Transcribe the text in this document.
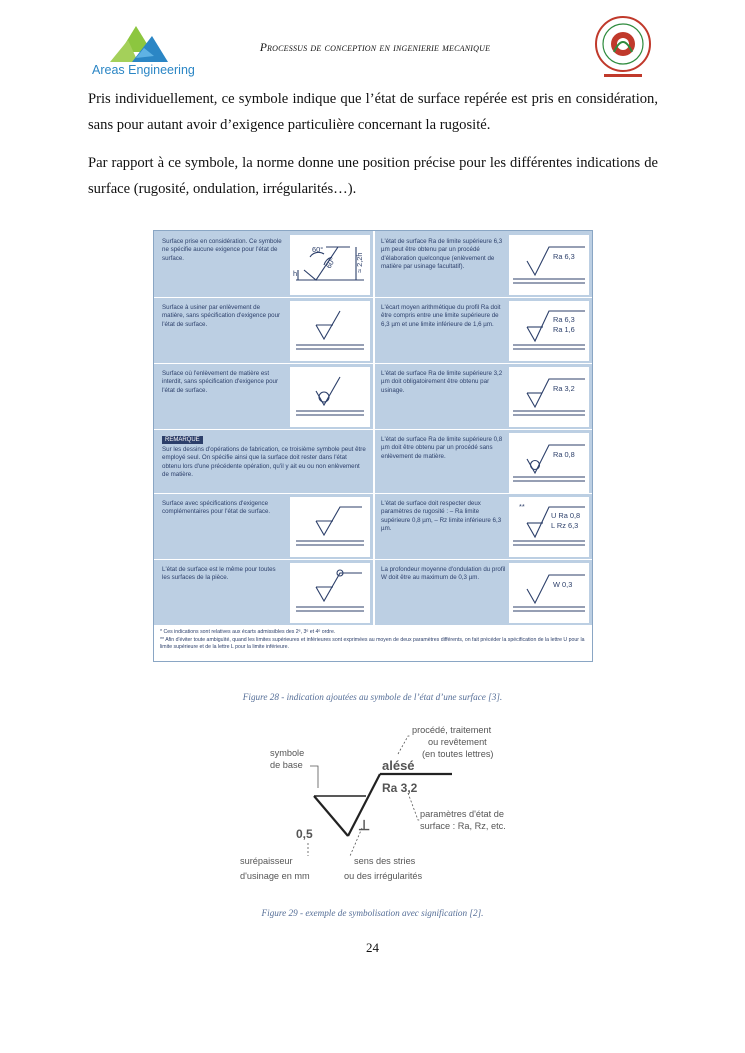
Areas Engineering
Processus de conception en ingenierie mecanique
Pris individuellement, ce symbole indique que l’état de surface repérée est pris en considération, sans pour autant avoir d’exigence particulière concernant la rugosité.
Par rapport à ce symbole, la norme donne une position précise pour les différentes indications de surface (rugosité, ondulation, irrégularités…).
Surface prise en considération. Ce symbole ne spécifie aucune exigence pour l'état de surface.
60°
60°
h
≈ 2,2h
Surface à usiner par enlèvement de matière, sans spécification d'exigence pour l'état de surface.
Surface où l'enlèvement de matière est interdit, sans spécification d'exigence pour l'état de surface.
REMARQUE
Sur les dessins d'opérations de fabrication, ce troisième symbole peut être employé seul. On spécifie ainsi que la surface doit rester dans l'état obtenu lors d'une précédente opération, qu'il y ait eu ou non enlèvement de matière.
Surface avec spécifications d'exigence complémentaires pour l'état de surface.
L'état de surface est le même pour toutes les surfaces de la pièce.
L'état de surface Ra de limite supérieure 6,3 µm peut être obtenu par un procédé d'élaboration quelconque (enlèvement de matière par usinage facultatif).
Ra 6,3
L'écart moyen arithmétique du profil Ra doit être compris entre une limite supérieure de 6,3 µm et une limite inférieure de 1,6 µm.
Ra 6,3
Ra 1,6
L'état de surface Ra de limite supérieure 3,2 µm doit obligatoirement être obtenu par usinage.	Ra 3,2
L'état de surface Ra de limite supérieure 0,8 µm doit être obtenu par un procédé sans enlèvement de matière.	Ra 0,8
L'état de surface doit respecter deux paramètres de rugosité : – Ra limite supérieure 0,8 µm, – Rz limite inférieure 6,3 µm.
**
U Ra 0,8
L Rz 6,3
La profondeur moyenne d'ondulation du profil W doit être au maximum de 0,3 µm.
W 0,3
* Ces indications sont relatives aux écarts admissibles des 2ᵉ, 3ᵉ et 4ᵉ ordre.
** Afin d'éviter toute ambiguïté, quand les limites supérieures et inférieures sont exprimées au moyen de deux paramètres différents, on fait précéder la spécification de la lettre U pour la limite supérieure et de la lettre L pour la limite inférieure.
Figure 28 - indication ajoutées au symbole de l’état d’une surface [3].
symbole
de base
procédé, traitement
ou revêtement
(en toutes lettres)
alésé
Ra 3,2
paramètres d'état de
surface : Ra, Rz, etc.
0,5
⊥
surépaisseur
d'usinage en mm
sens des stries
ou des irrégularités
Figure 29 - exemple de symbolisation avec signification [2].
24
